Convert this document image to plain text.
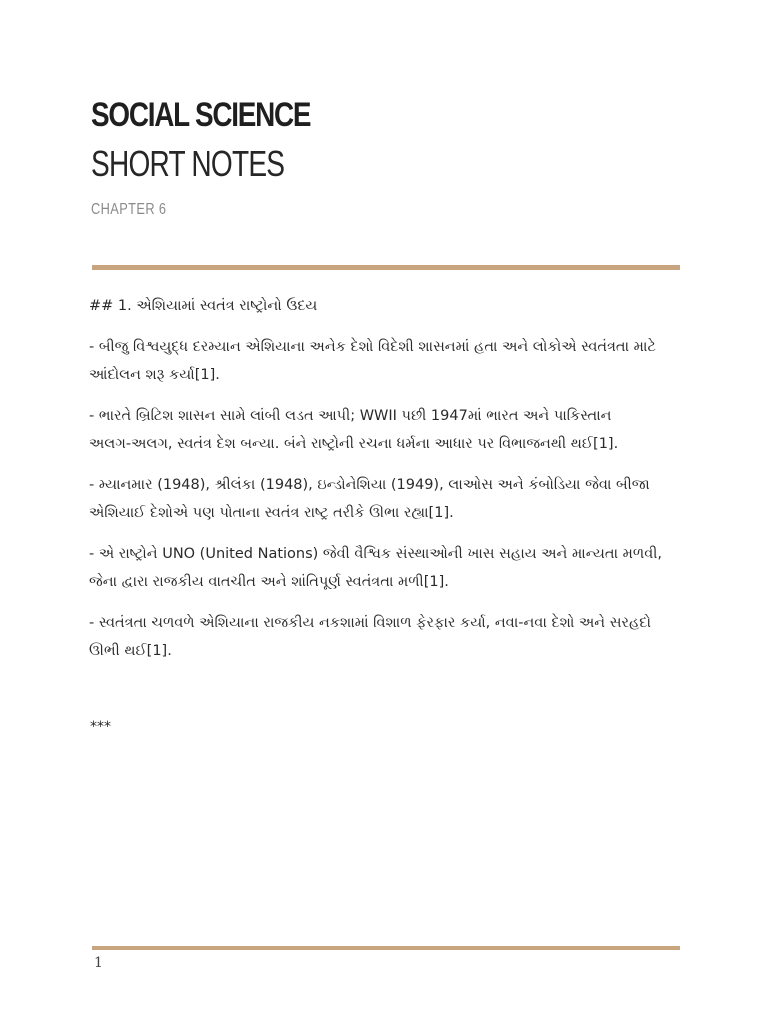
SOCIAL SCIENCE
SHORT NOTES
CHAPTER 6

## 1. એશિયામાં સ્વતંત્ર રાષ્ટ્રોનો ઉદય

- બીજુ વિશ્વયુદ્ધ દરમ્યાન એશિયાના અનેક દેશો વિદેશી શાસનમાં હતા અને લોકોએ સ્વતંત્રતા માટે
આંદોલન શરૂ કર્યા[1].

- ભારતે બ્રિટિશ શાસન સામે લાંબી લડત આપી; WWII પછી 1947માં ભારત અને પાકિસ્તાન
અલગ-અલગ, સ્વતંત્ર દેશ બન્યા. બંને રાષ્ટ્રોની રચના ધર્મના આધાર પર વિભાજનથી થઈ[1].

- મ્યાનમાર (1948), શ્રીલંકા (1948), ઇન્ડોનેશિયા (1949), લાઓસ અને કંબોડિયા જેવા બીજા
એશિયાઈ દેશોએ પણ પોતાના સ્વતંત્ર રાષ્ટ્ર તરીકે ઊભા રહ્યા[1].

- એ રાષ્ટ્રોને UNO (United Nations) જેવી વૈશ્વિક સંસ્થાઓની ખાસ સહાય અને માન્યતા મળવી,
જેના દ્વારા રાજકીય વાતચીત અને શાંતિપૂર્ણ સ્વતંત્રતા મળી[1].

- સ્વતંત્રતા ચળવળે એશિયાના રાજકીય નકશામાં વિશાળ ફેરફાર કર્યા, નવા-નવા દેશો અને સરહદો
ઊભી થઈ[1].

***
1
